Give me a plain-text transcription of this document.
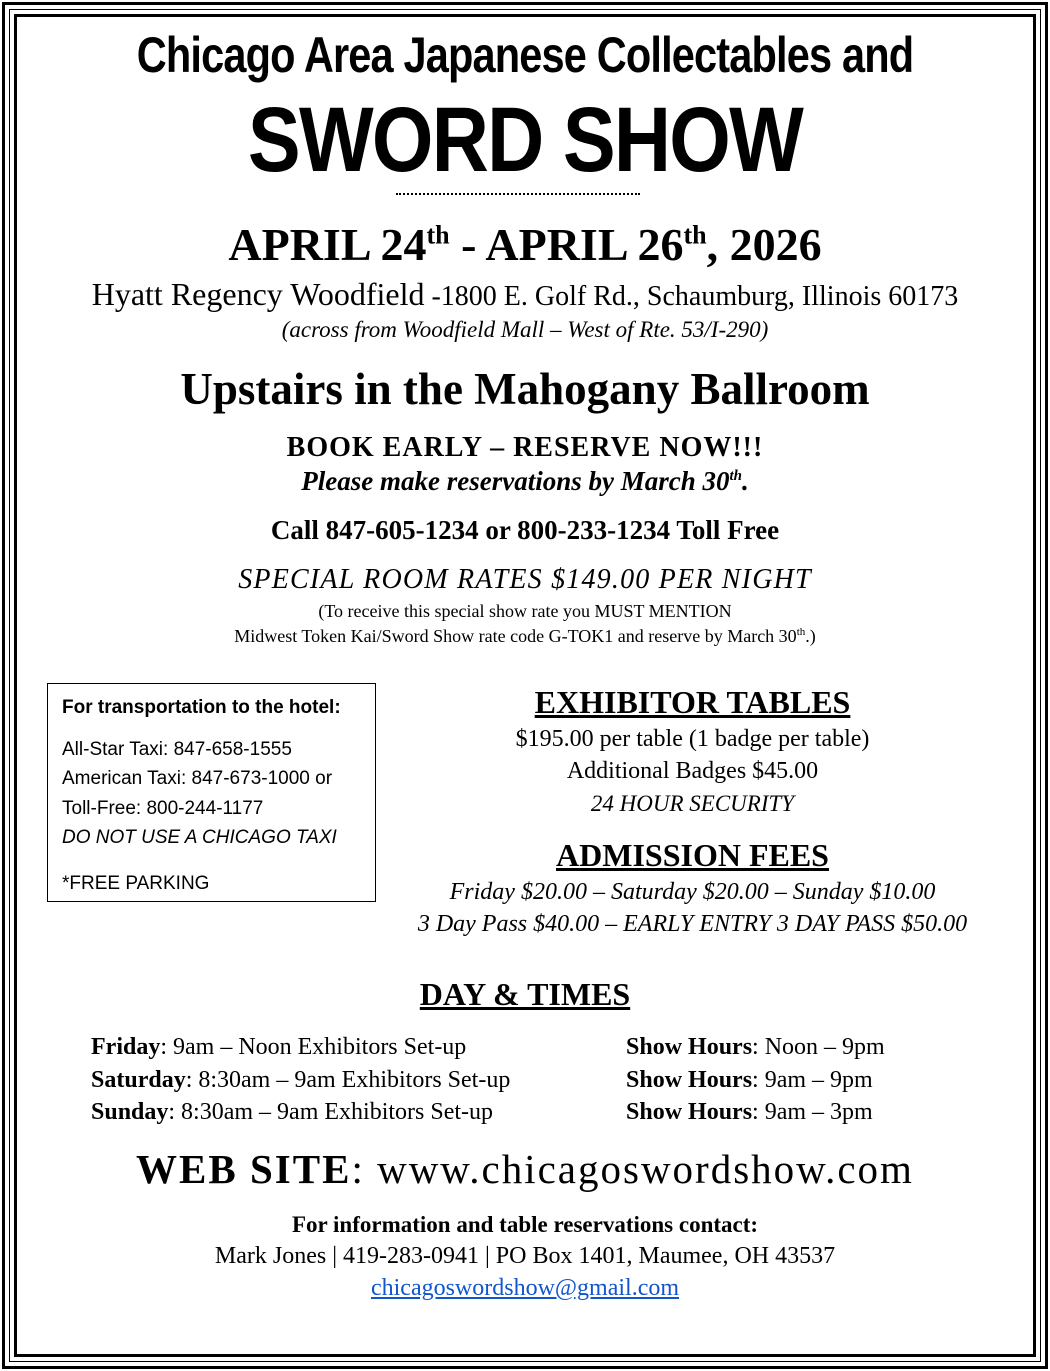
Chicago Area Japanese Collectables and
SWORD SHOW
APRIL 24th - APRIL 26th, 2026
Hyatt Regency Woodfield -1800 E. Golf Rd., Schaumburg, Illinois 60173
(across from Woodfield Mall – West of Rte. 53/I-290)
Upstairs in the Mahogany Ballroom
BOOK EARLY – RESERVE NOW!!!
Please make reservations by March 30th.
Call 847-605-1234 or 800-233-1234 Toll Free
SPECIAL ROOM RATES $149.00 PER NIGHT
(To receive this special show rate you MUST MENTION
Midwest Token Kai/Sword Show rate code G-TOK1 and reserve by March 30th.)
For transportation to the hotel:
All-Star Taxi: 847-658-1555
American Taxi: 847-673-1000 or
Toll-Free: 800-244-1177
DO NOT USE A CHICAGO TAXI
*FREE PARKING
EXHIBITOR TABLES
$195.00 per table (1 badge per table)
Additional Badges $45.00
24 HOUR SECURITY
ADMISSION FEES
Friday $20.00 – Saturday $20.00 – Sunday $10.00
3 Day Pass $40.00 – EARLY ENTRY 3 DAY PASS $50.00
DAY & TIMES
Friday: 9am – Noon Exhibitors Set-up	Show Hours: Noon – 9pm
Saturday: 8:30am – 9am Exhibitors Set-up	Show Hours: 9am – 9pm
Sunday: 8:30am – 9am Exhibitors Set-up	Show Hours: 9am – 3pm
WEB SITE: www.chicagoswordshow.com
For information and table reservations contact:
Mark Jones | 419-283-0941 | PO Box 1401, Maumee, OH 43537
chicagoswordshow@gmail.com
